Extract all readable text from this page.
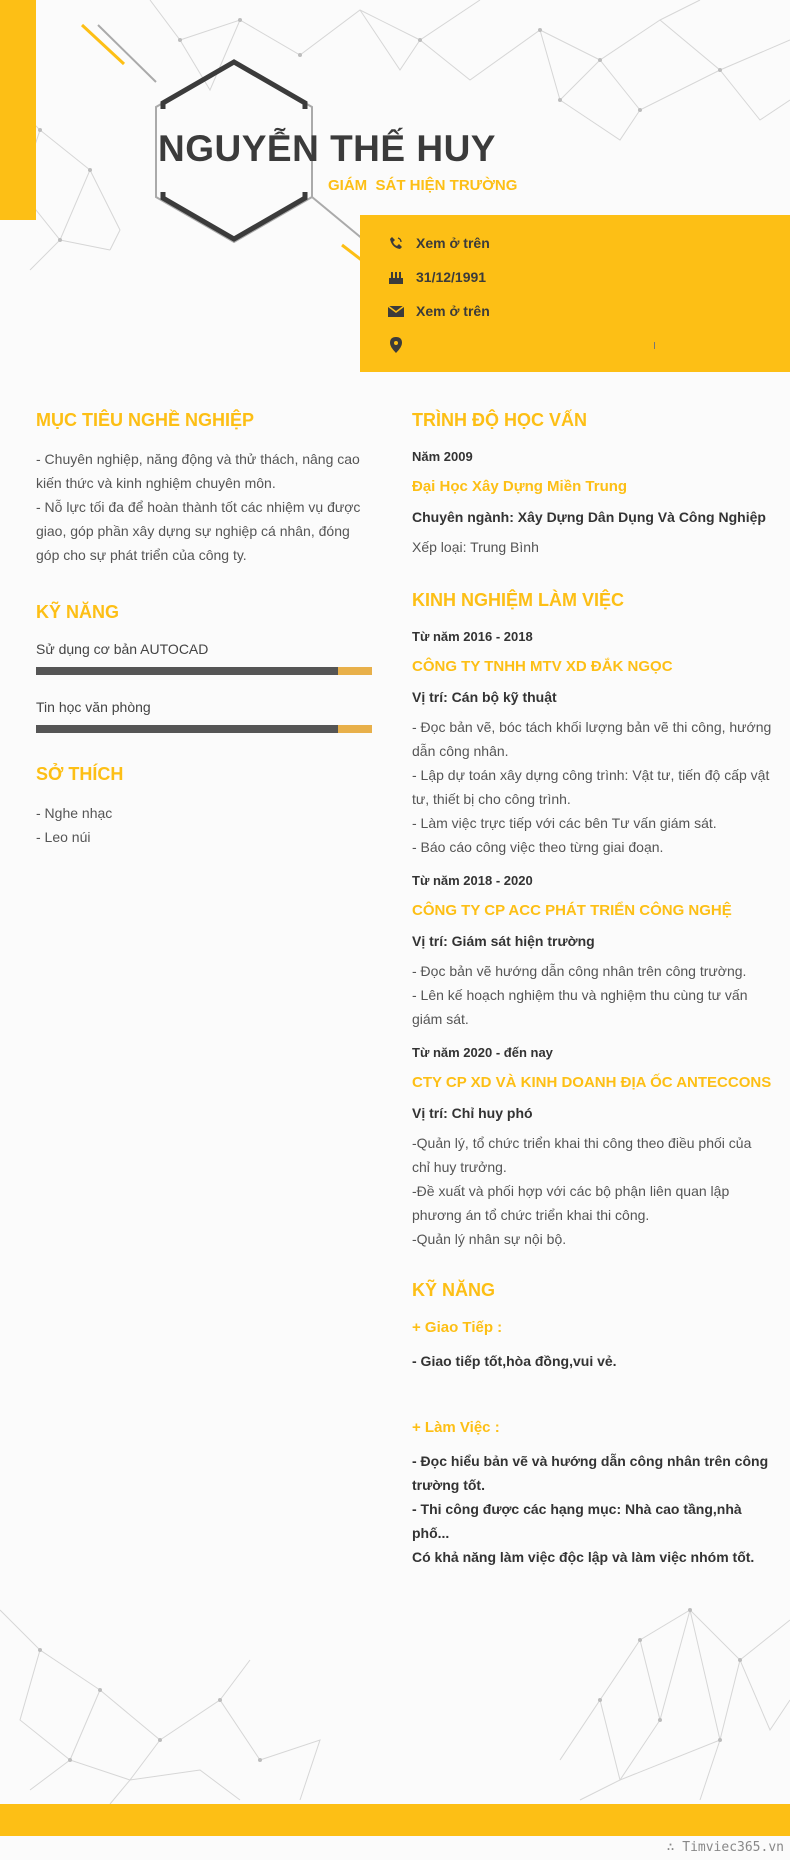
NGUYỄN THẾ HUY
GIÁM  SÁT HIỆN TRƯỜNG
Xem ở trên
31/12/1991
Xem ở trên
MỤC TIÊU NGHỀ NGHIỆP

- Chuyên nghiệp, năng động và thử thách, nâng cao kiến thức và kinh nghiệm chuyên môn.
- Nỗ lực tối đa để hoàn thành tốt các nhiệm vụ được giao, góp phần xây dựng sự nghiệp cá nhân, đóng góp cho sự phát triển của công ty.

KỸ NĂNG
Sử dụng cơ bản AUTOCAD
Tin học văn phòng
SỞ THÍCH

- Nghe nhạc
- Leo núi

TRÌNH ĐỘ HỌC VẤN
Năm 2009
Đại Học Xây Dựng Miền Trung
Chuyên ngành: Xây Dựng Dân Dụng Và Công Nghiệp
Xếp loại: Trung Bình
KINH NGHIỆM LÀM VIỆC
Từ năm 2016 - 2018
CÔNG TY TNHH MTV XD ĐẮK NGỌC
Vị trí: Cán bộ kỹ thuật

- Đọc bản vẽ, bóc tách khối lượng bản vẽ thi công, hướng dẫn công nhân.
- Lập dự toán xây dựng công trình: Vật tư, tiến độ cấp vật tư, thiết bị cho công trình.
- Làm việc trực tiếp với các bên Tư vấn giám sát.
- Báo cáo công việc theo từng giai đoạn.

Từ năm 2018 - 2020
CÔNG TY CP ACC PHÁT TRIỂN CÔNG NGHỆ
Vị trí: Giám sát hiện trường

- Đọc bản vẽ hướng dẫn công nhân trên công trường.
- Lên kế hoạch nghiệm thu và nghiệm thu cùng tư vấn giám sát.

Từ năm 2020 - đến nay
CTY CP XD VÀ KINH DOANH ĐỊA ỐC ANTECCONS
Vị trí: Chỉ huy phó

-Quản lý, tổ chức triển khai thi công theo điều phối của chỉ huy trưởng.
-Đề xuất và phối hợp với các bộ phận liên quan lập phương án tổ chức triển khai thi công.
-Quản lý nhân sự nội bộ.

KỸ NĂNG
+ Giao Tiếp :

- Giao tiếp tốt,hòa đồng,vui vẻ.

+ Làm Việc :

- Đọc hiểu bản vẽ và hướng dẫn công nhân trên công trường tốt.
- Thi công được các hạng mục: Nhà cao tầng,nhà phố...
Có khả năng làm việc độc lập và làm việc nhóm tốt.

∴ Timviec365.vn
